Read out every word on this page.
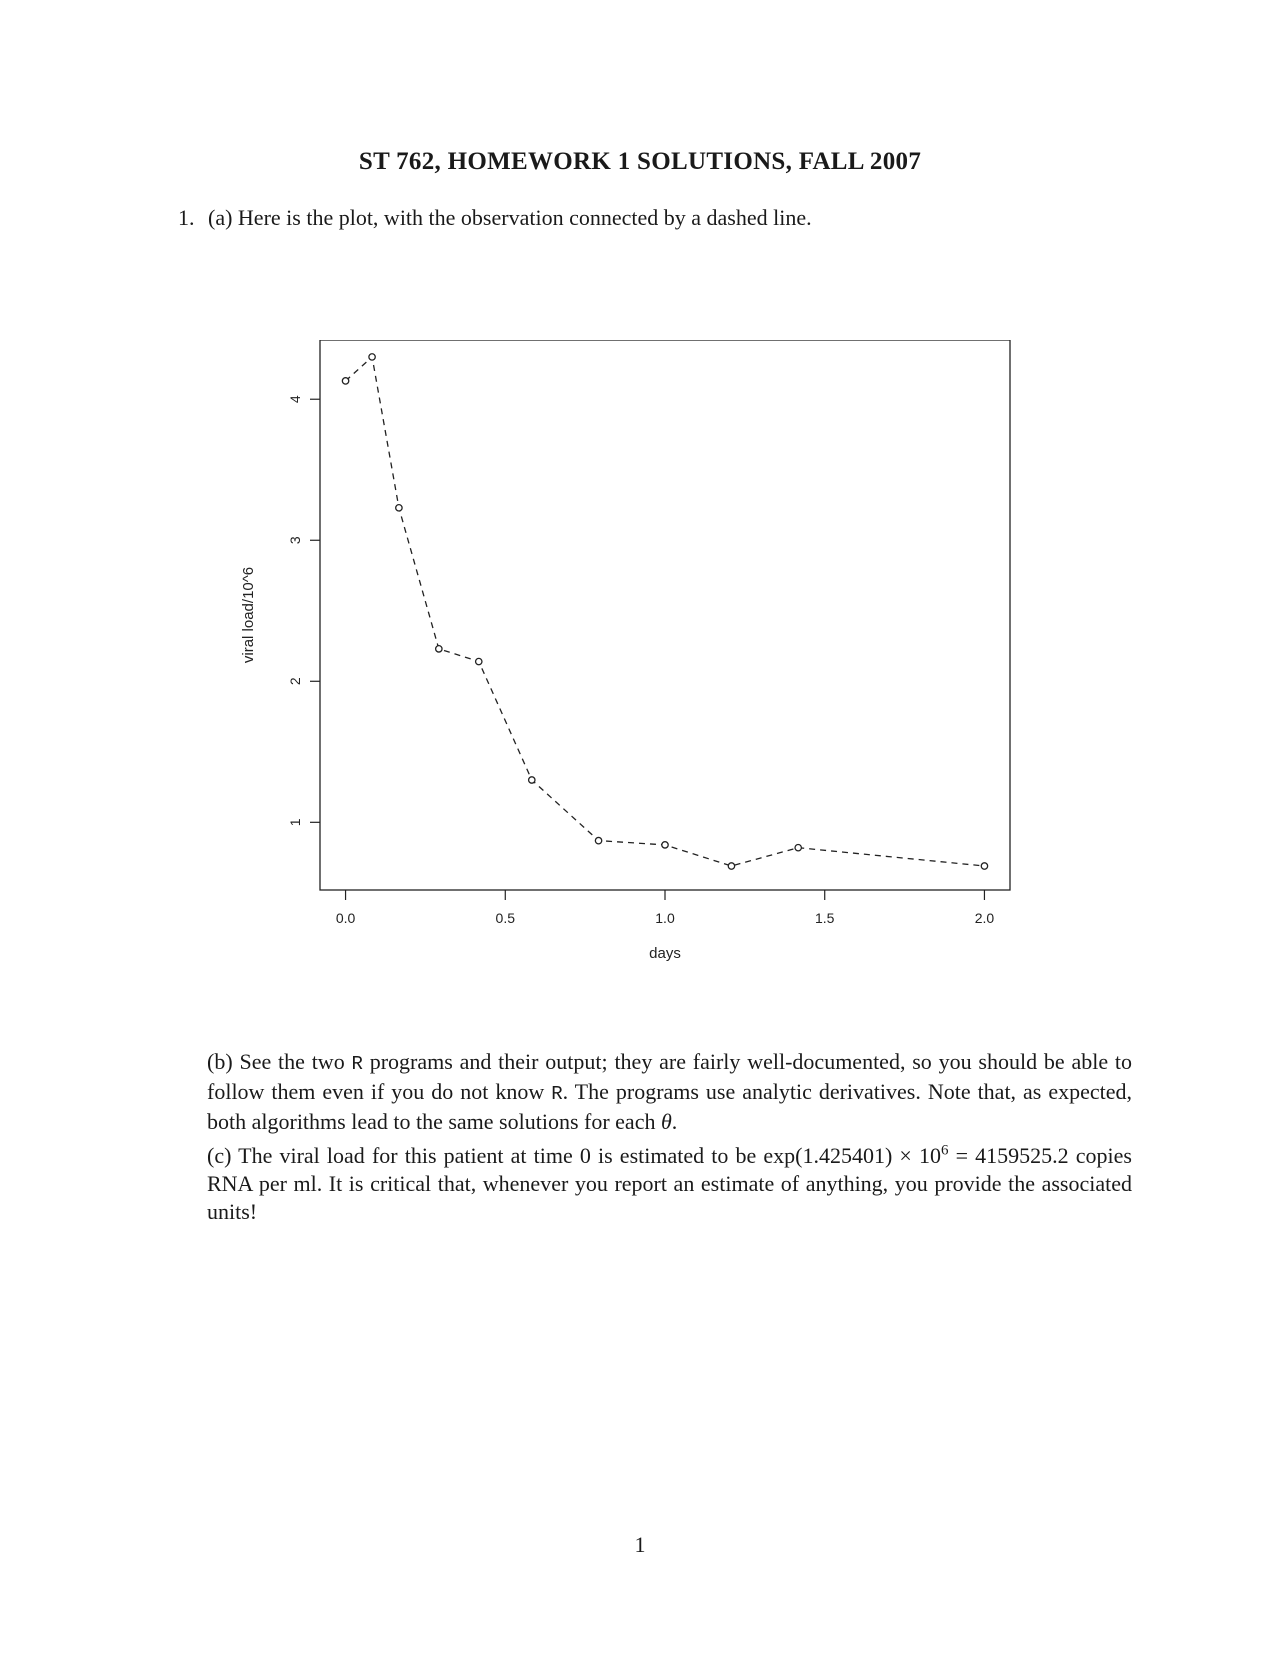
ST 762, HOMEWORK 1 SOLUTIONS, FALL 2007
1. (a) Here is the plot, with the observation connected by a dashed line.
1
2
3
4
0.0	0.5	1.0	1.5	2.0
viral load/10^6
days
(b) See the two R programs and their output; they are fairly well-documented, so you should be able to follow them even if you do not know R. The programs use analytic derivatives. Note that, as expected, both algorithms lead to the same solutions for each θ.
(c) The viral load for this patient at time 0 is estimated to be $\exp(1.425401) \times 10^6 = 4159525.2$ copies RNA per ml. It is critical that, whenever you report an estimate of anything, you provide the associated units!
1
